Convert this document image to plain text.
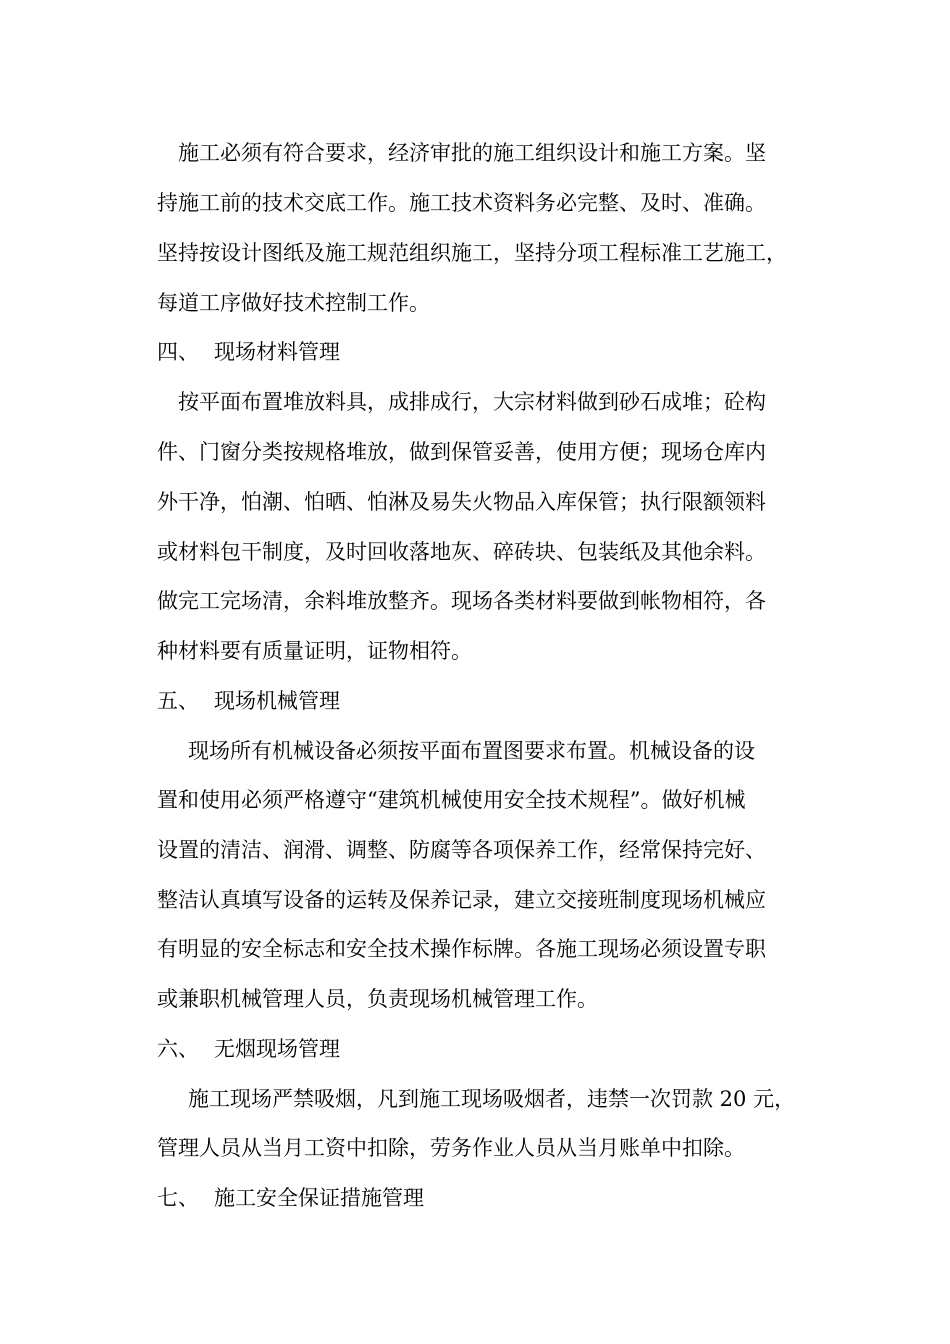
施工必须有符合要求，经济审批的施工组织设计和施工方案。坚
持施工前的技术交底工作。施工技术资料务必完整、及时、准确。
坚持按设计图纸及施工规范组织施工，坚持分项工程标准工艺施工，
每道工序做好技术控制工作。
四、 现场材料管理
按平面布置堆放料具，成排成行，大宗材料做到砂石成堆；砼构
件、门窗分类按规格堆放，做到保管妥善，使用方便；现场仓库内
外干净，怕潮、怕晒、怕淋及易失火物品入库保管；执行限额领料
或材料包干制度，及时回收落地灰、碎砖块、包装纸及其他余料。
做完工完场清，余料堆放整齐。现场各类材料要做到帐物相符，各
种材料要有质量证明，证物相符。
五、 现场机械管理
现场所有机械设备必须按平面布置图要求布置。机械设备的设
置和使用必须严格遵守“建筑机械使用安全技术规程”。做好机械
设置的清洁、润滑、调整、防腐等各项保养工作，经常保持完好、
整洁认真填写设备的运转及保养记录，建立交接班制度现场机械应
有明显的安全标志和安全技术操作标牌。各施工现场必须设置专职
或兼职机械管理人员，负责现场机械管理工作。
六、 无烟现场管理
施工现场严禁吸烟，凡到施工现场吸烟者，违禁一次罚款 20 元，
管理人员从当月工资中扣除，劳务作业人员从当月账单中扣除。
七、 施工安全保证措施管理
